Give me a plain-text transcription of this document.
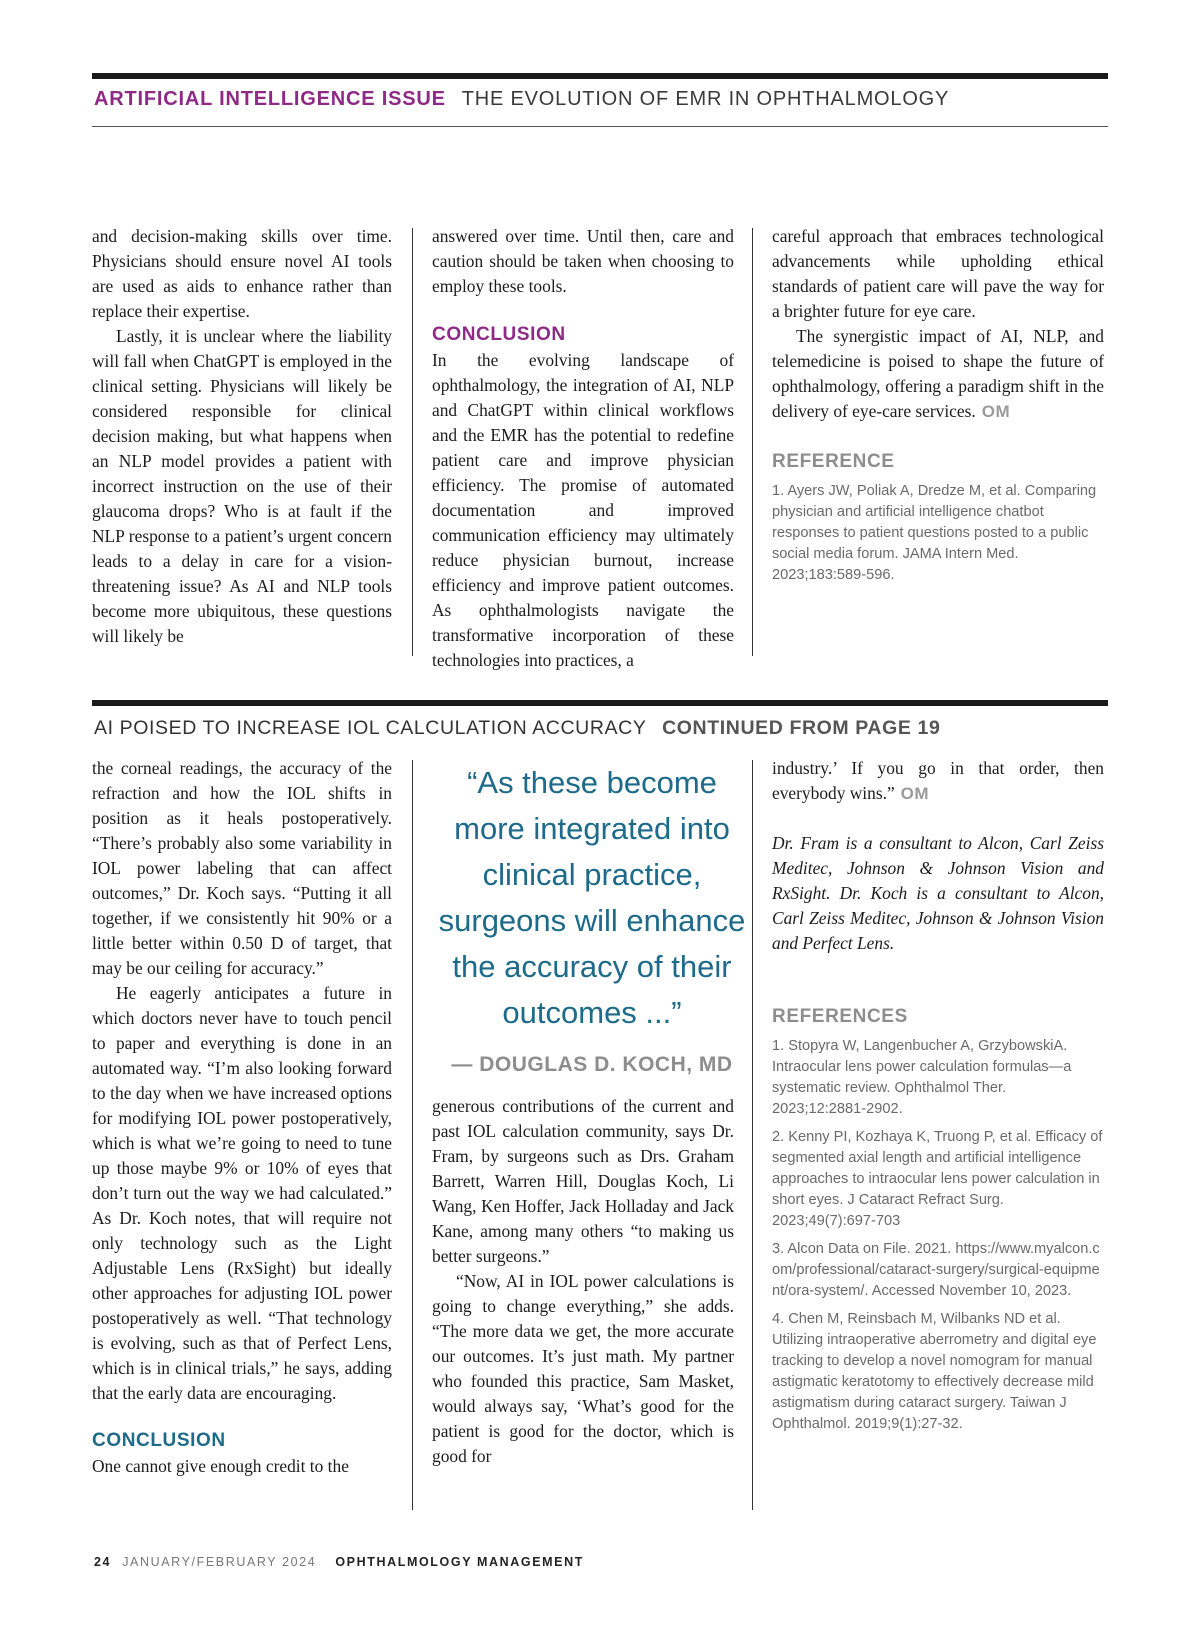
ARTIFICIAL INTELLIGENCE ISSUE THE EVOLUTION OF EMR IN OPHTHALMOLOGY

and decision-making skills over time. Physicians should ensure novel AI tools are used as aids to enhance rather than replace their expertise.

Lastly, it is unclear where the liability will fall when ChatGPT is employed in the clinical setting. Physicians will likely be considered responsible for clinical decision making, but what happens when an NLP model provides a patient with incorrect instruction on the use of their glaucoma drops? Who is at fault if the NLP response to a patient’s urgent concern leads to a delay in care for a vision-threatening issue? As AI and NLP tools become more ubiquitous, these questions will likely be

answered over time. Until then, care and caution should be taken when choosing to employ these tools.

CONCLUSION

In the evolving landscape of ophthalmology, the integration of AI, NLP and ChatGPT within clinical workflows and the EMR has the potential to redefine patient care and improve physician efficiency. The promise of automated documentation and improved communication efficiency may ultimately reduce physician burnout, increase efficiency and improve patient outcomes. As ophthalmologists navigate the transformative incorporation of these technologies into practices, a

careful approach that embraces technological advancements while upholding ethical standards of patient care will pave the way for a brighter future for eye care.

The synergistic impact of AI, NLP, and telemedicine is poised to shape the future of ophthalmology, offering a paradigm shift in the delivery of eye-care services. OM

REFERENCE

1. Ayers JW, Poliak A, Dredze M, et al. Comparing physician and artificial intelligence chatbot responses to patient questions posted to a public social media forum. JAMA Intern Med. 2023;183:589-596.

AI POISED TO INCREASE IOL CALCULATION ACCURACY CONTINUED FROM PAGE 19

the corneal readings, the accuracy of the refraction and how the IOL shifts in position as it heals postoperatively. “There’s probably also some variability in IOL power labeling that can affect outcomes,” Dr. Koch says. “Putting it all together, if we consistently hit 90% or a little better within 0.50 D of target, that may be our ceiling for accuracy.”

He eagerly anticipates a future in which doctors never have to touch pencil to paper and everything is done in an automated way. “I’m also looking forward to the day when we have increased options for modifying IOL power postoperatively, which is what we’re going to need to tune up those maybe 9% or 10% of eyes that don’t turn out the way we had calculated.” As Dr. Koch notes, that will require not only technology such as the Light Adjustable Lens (RxSight) but ideally other approaches for adjusting IOL power postoperatively as well. “That technology is evolving, such as that of Perfect Lens, which is in clinical trials,” he says, adding that the early data are encouraging.

CONCLUSION

One cannot give enough credit to the

“As these become more integrated into clinical practice, surgeons will enhance the accuracy of their outcomes ...”
— DOUGLAS D. KOCH, MD

generous contributions of the current and past IOL calculation community, says Dr. Fram, by surgeons such as Drs. Graham Barrett, Warren Hill, Douglas Koch, Li Wang, Ken Hoffer, Jack Holladay and Jack Kane, among many others “to making us better surgeons.”

“Now, AI in IOL power calculations is going to change everything,” she adds. “The more data we get, the more accurate our outcomes. It’s just math. My partner who founded this practice, Sam Masket, would always say, ‘What’s good for the patient is good for the doctor, which is good for

industry.’ If you go in that order, then everybody wins.” OM

Dr. Fram is a consultant to Alcon, Carl Zeiss Meditec, Johnson & Johnson Vision and RxSight. Dr. Koch is a consultant to Alcon, Carl Zeiss Meditec, Johnson & Johnson Vision and Perfect Lens.

REFERENCES

1. Stopyra W, Langenbucher A, GrzybowskiA. Intraocular lens power calculation formulas—a systematic review. Ophthalmol Ther. 2023;12:2881-2902.

2. Kenny PI, Kozhaya K, Truong P, et al. Efficacy of segmented axial length and artificial intelligence approaches to intraocular lens power calculation in short eyes. J Cataract Refract Surg. 2023;49(7):697-703

3. Alcon Data on File. 2021. https://www.myalcon.com/professional/cataract-surgery/surgical-equipment/ora-system/. Accessed November 10, 2023.

4. Chen M, Reinsbach M, Wilbanks ND et al. Utilizing intraoperative aberrometry and digital eye tracking to develop a novel nomogram for manual astigmatic keratotomy to effectively decrease mild astigmatism during cataract surgery. Taiwan J Ophthalmol. 2019;9(1):27-32.

24 JANUARY/FEBRUARY 2024 OPHTHALMOLOGY MANAGEMENT
